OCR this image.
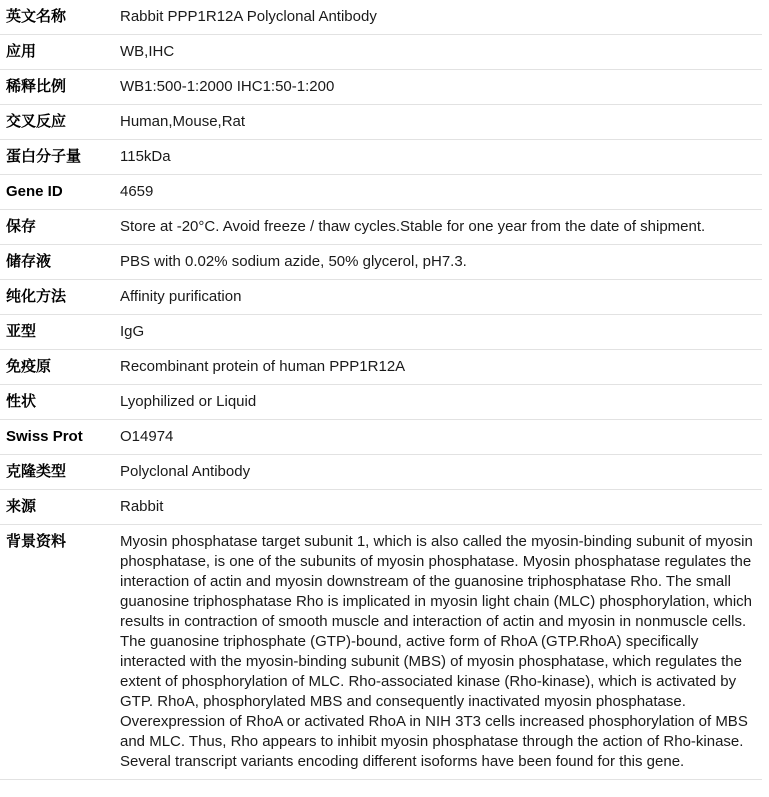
英文名称	Rabbit PPP1R12A Polyclonal Antibody
应用	WB,IHC
稀释比例	WB1:500-1:2000 IHC1:50-1:200
交叉反应	Human,Mouse,Rat
蛋白分子量	115kDa
Gene ID	4659
保存	Store at -20°C. Avoid freeze / thaw cycles.Stable for one year from the date of shipment.
储存液	PBS with 0.02% sodium azide, 50% glycerol, pH7.3.
纯化方法	Affinity purification
亚型	IgG
免疫原	Recombinant protein of human PPP1R12A
性状	Lyophilized or Liquid
Swiss Prot	O14974
克隆类型	Polyclonal Antibody
来源	Rabbit
背景资料	Myosin phosphatase target subunit 1, which is also called the myosin-binding subunit of myosin phosphatase, is one of the subunits of myosin phosphatase. Myosin phosphatase regulates the interaction of actin and myosin downstream of the guanosine triphosphatase Rho. The small guanosine triphosphatase Rho is implicated in myosin light chain (MLC) phosphorylation, which results in contraction of smooth muscle and interaction of actin and myosin in nonmuscle cells. The guanosine triphosphate (GTP)-bound, active form of RhoA (GTP.RhoA) specifically interacted with the myosin-binding subunit (MBS) of myosin phosphatase, which regulates the extent of phosphorylation of MLC. Rho-associated kinase (Rho-kinase), which is activated by GTP. RhoA, phosphorylated MBS and consequently inactivated myosin phosphatase. Overexpression of RhoA or activated RhoA in NIH 3T3 cells increased phosphorylation of MBS and MLC. Thus, Rho appears to inhibit myosin phosphatase through the action of Rho-kinase. Several transcript variants encoding different isoforms have been found for this gene.
